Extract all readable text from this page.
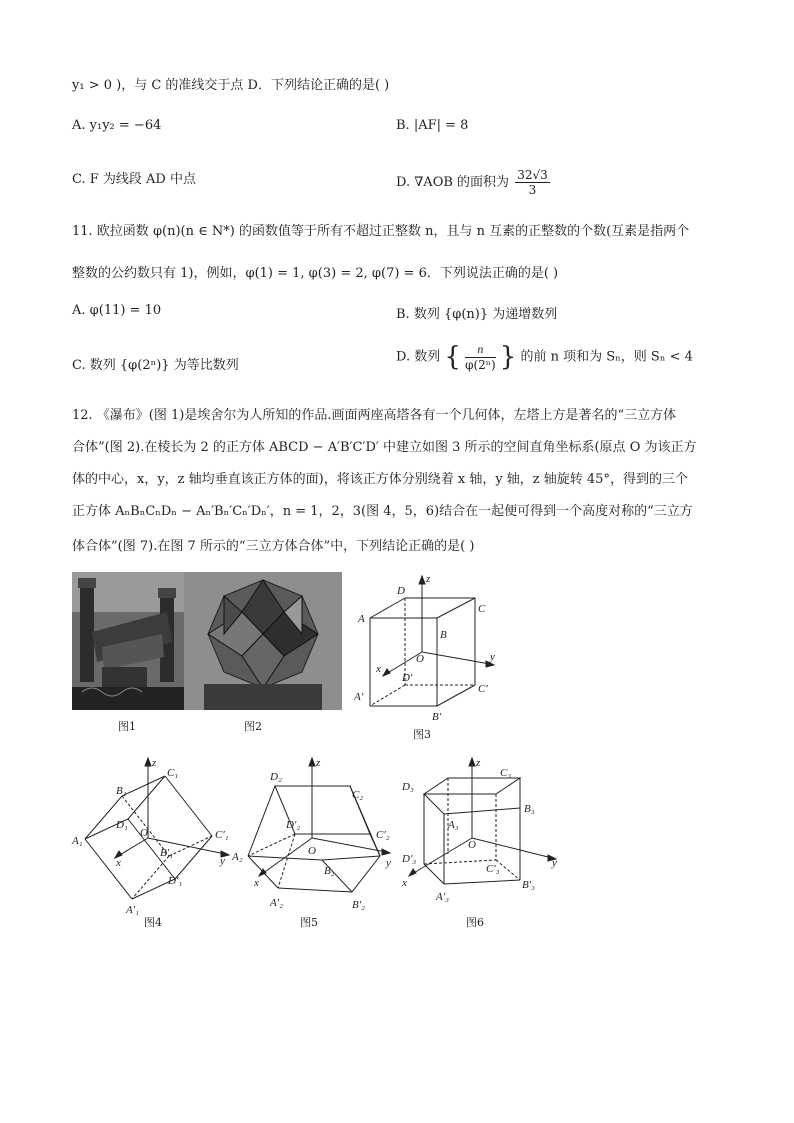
y₁ > 0 )，与 C 的准线交于点 D．下列结论正确的是( )
A. y₁y₂ = −64	B. |AF| = 8
C. F 为线段 AD 中点	D. ∇AOB 的面积为 $\frac{32√3}{3}$
11. 欧拉函数 φ(n)(n ∈ N*) 的函数值等于所有不超过正整数 n，且与 n 互素的正整数的个数(互素是指两个
整数的公约数只有 1)，例如，φ(1) = 1, φ(3) = 2, φ(7) = 6．下列说法正确的是( )
A. φ(11) = 10	B. 数列 {φ(n)} 为递增数列
C. 数列 {φ(2ⁿ)} 为等比数列
D. 数列 { $\frac{n}{\text{φ(2ⁿ)}}$ } 的前 n 项和为 Sₙ，则 Sₙ < 4
12. 《瀑布》(图 1)是埃舍尔为人所知的作品.画面两座高塔各有一个几何体，左塔上方是著名的“三立方体
合体”(图 2).在棱长为 2 的正方体 ABCD − A′B′C′D′ 中建立如图 3 所示的空间直角坐标系(原点 O 为该正方
体的中心，x，y，z 轴均垂直该正方体的面)，将该正方体分别绕着 x 轴，y 轴，z 轴旋转 45°，得到的三个
正方体 AₙBₙCₙDₙ − Aₙ′Bₙ′Cₙ′Dₙ′，n = 1，2，3(图 4，5，6)结合在一起便可得到一个高度对称的“三立方
体合体”(图 7).在图 7 所示的“三立方体合体”中，下列结论正确的是( )
图1	图2
z
x
y
O
A
B
C
D
A′
B′
C′
D′
图3
z
x	y
O
A₁
B₁
C₁
D₁
A′₁
B′₁
C′₁
D′₁
图4
z
x
y
O
A₂
B₂
C₂
D₂
A′₂	B′₂
C′₂
D′₂
图5
z
x
y
O
A₃
B₃
C₃
D₃
A′₃
B′₃
C′₃
D′₃
图6
